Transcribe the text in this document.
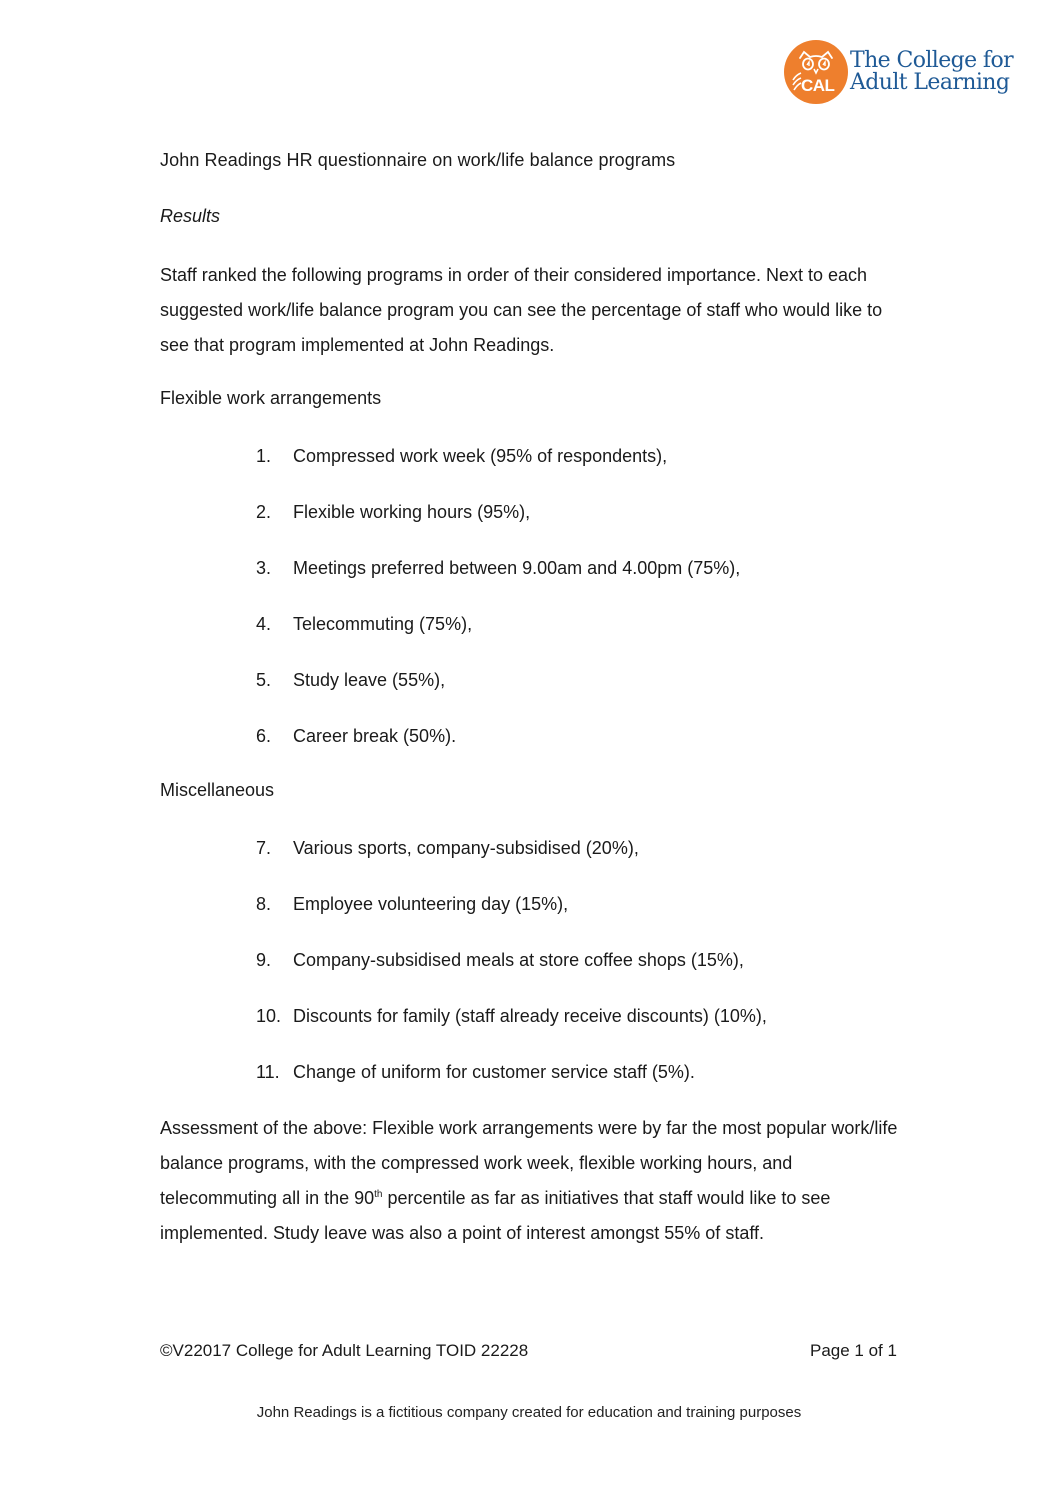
CAL
The College for
Adult Learning
John Readings HR questionnaire on work/life balance programs
Results
Staff ranked the following programs in order of their considered importance. Next to each suggested work/life balance program you can see the percentage of staff who would like to see that program implemented at John Readings.
Flexible work arrangements
1.	Compressed work week (95% of respondents),
2.	Flexible working hours (95%),
3.	Meetings preferred between 9.00am and 4.00pm (75%),
4.	Telecommuting (75%),
5.	Study leave (55%),
6.	Career break (50%).
Miscellaneous
7.	Various sports, company-subsidised (20%),
8.	Employee volunteering day (15%),
9.	Company-subsidised meals at store coffee shops (15%),
10. Discounts for family (staff already receive discounts) (10%),
11. Change of uniform for customer service staff (5%).
Assessment of the above: Flexible work arrangements were by far the most popular work/life balance programs, with the compressed work week, flexible working hours, and telecommuting all in the 90th percentile as far as initiatives that staff would like to see implemented. Study leave was also a point of interest amongst 55% of staff.
©V22017 College for Adult Learning TOID 22228	Page 1 of 1
John Readings is a fictitious company created for education and training purposes
